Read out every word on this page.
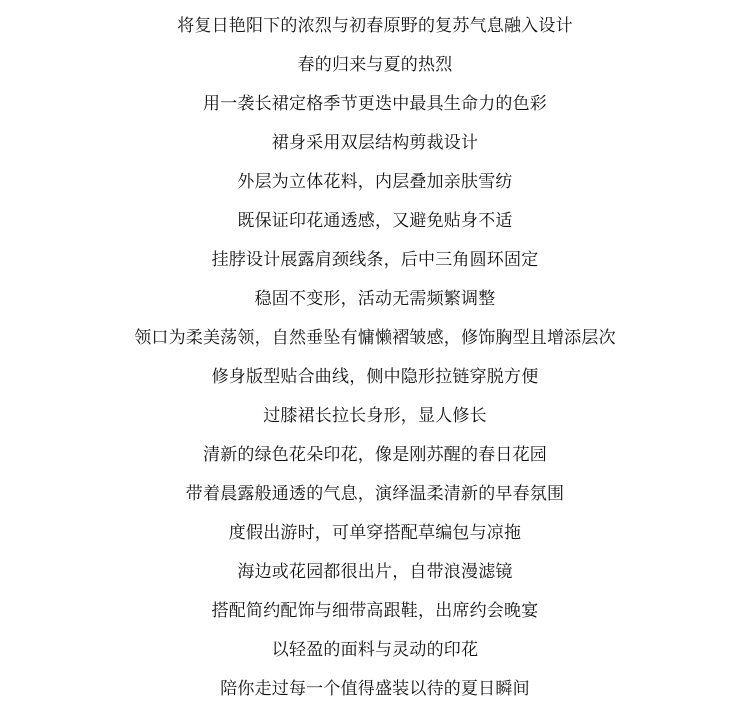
将复日艳阳下的浓烈与初春原野的复苏气息融入设计
春的归来与夏的热烈
用一袭长裙定格季节更迭中最具生命力的色彩
裙身采用双层结构剪裁设计
外层为立体花料，内层叠加亲肤雪纺
既保证印花通透感，又避免贴身不适
挂脖设计展露肩颈线条，后中三角圆环固定
稳固不变形，活动无需频繁调整
领口为柔美荡领，自然垂坠有慵懒褶皱感，修饰胸型且增添层次
修身版型贴合曲线，侧中隐形拉链穿脱方便
过膝裙长拉长身形，显人修长
清新的绿色花朵印花，像是刚苏醒的春日花园
带着晨露般通透的气息，演绎温柔清新的早春氛围
度假出游时，可单穿搭配草编包与凉拖
海边或花园都很出片，自带浪漫滤镜
搭配简约配饰与细带高跟鞋，出席约会晚宴
以轻盈的面料与灵动的印花
陪你走过每一个值得盛装以待的夏日瞬间
